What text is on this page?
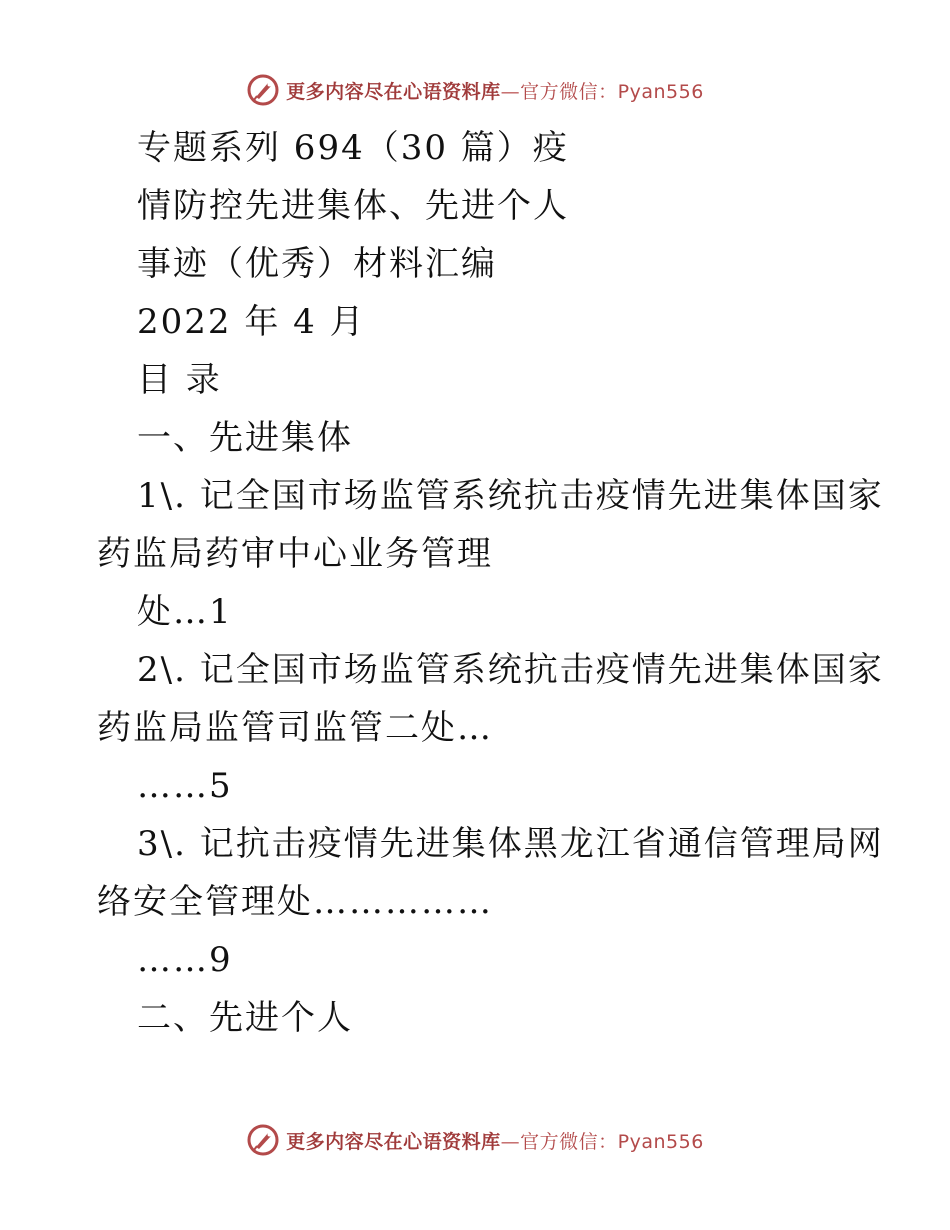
更多内容尽在心语资料库—官方微信：Pyan556
专题系列 694（30 篇）疫
情防控先进集体、先进个人
事迹（优秀）材料汇编
2022 年 4 月
目 录
一、先进集体
1\. 记全国市场监管系统抗击疫情先进集体国家
药监局药审中心业务管理
处…1
2\. 记全国市场监管系统抗击疫情先进集体国家
药监局监管司监管二处…
……5
3\. 记抗击疫情先进集体黑龙江省通信管理局网
络安全管理处……………
……9
二、先进个人
更多内容尽在心语资料库—官方微信：Pyan556
